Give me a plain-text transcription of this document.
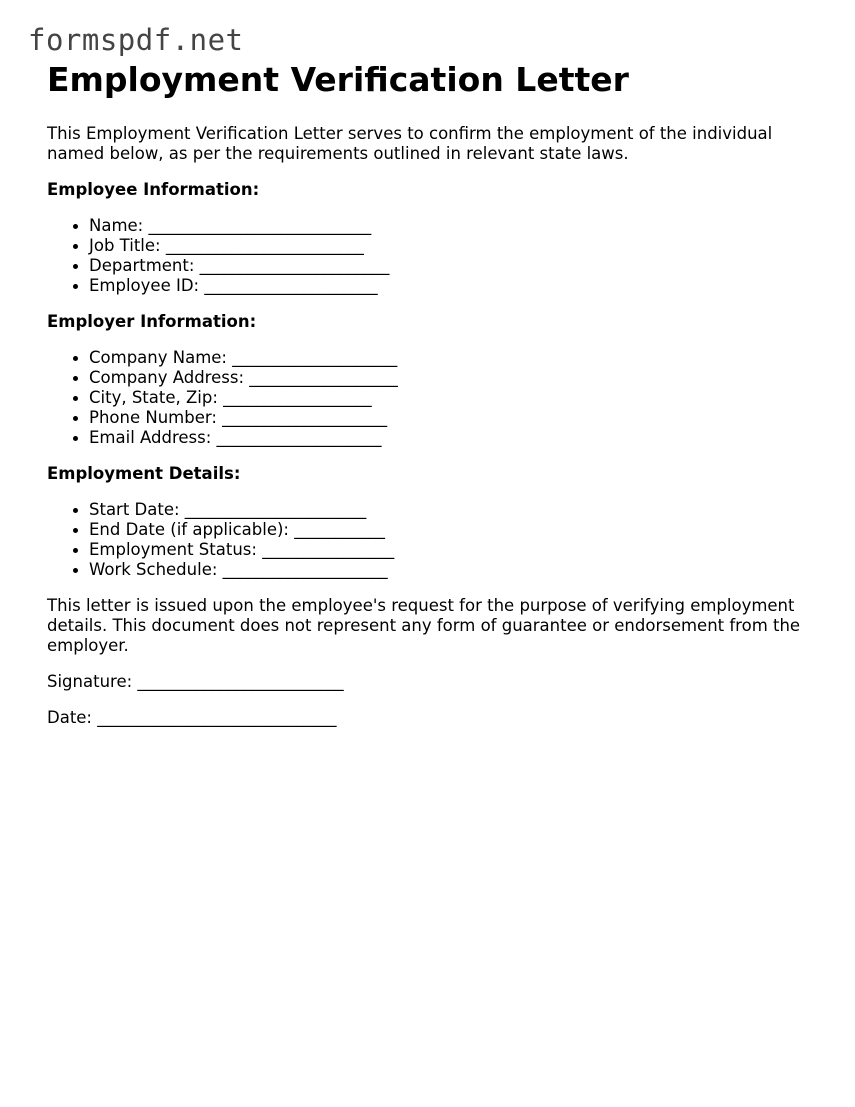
formspdf.net
Employment Verification Letter

This Employment Verification Letter serves to confirm the employment of the individual named below, as per the requirements outlined in relevant state laws.

Employee Information:
Name: ___________________________
Job Title: ________________________
Department: _______________________
Employee ID: _____________________
Employer Information:
Company Name: ____________________
Company Address: __________________
City, State, Zip: __________________
Phone Number: ____________________
Email Address: ____________________
Employment Details:
Start Date: ______________________
End Date (if applicable): ___________
Employment Status: ________________
Work Schedule: ____________________

This letter is issued upon the employee's request for the purpose of verifying employment details. This document does not represent any form of guarantee or endorsement from the employer.

Signature: _________________________

Date: _____________________________
